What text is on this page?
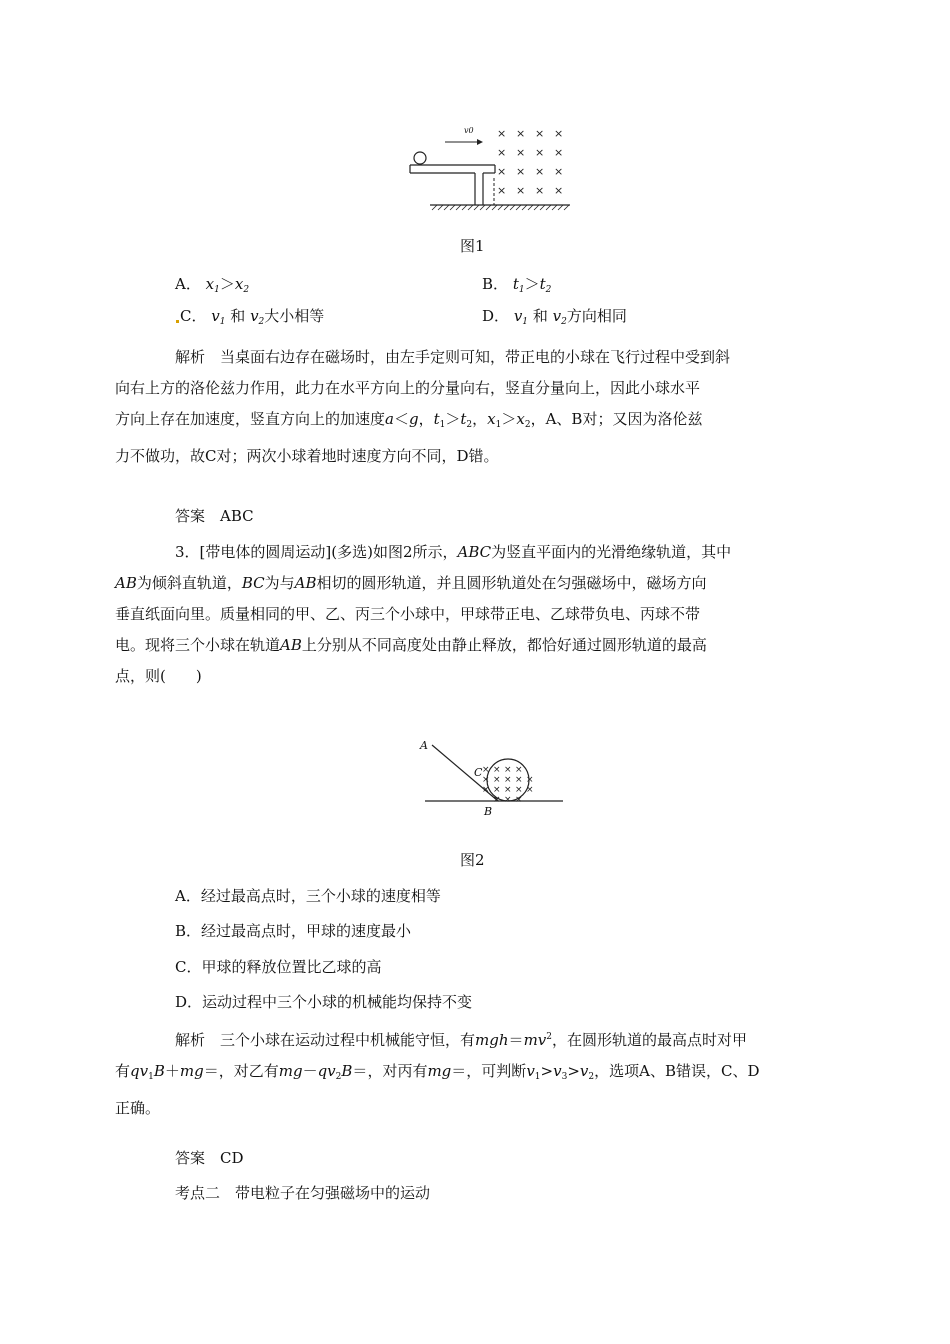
× × × ×
× × × ×
× × × ×
× × × ×
v0
图1
A． $x_1>x_2$	B． $t_1>t_2$
C． $v_1$ 和 $v_2$大小相等	D． $v_1$ 和 $v_2$方向相同
解析　 当桌面右边存在磁场时，由左手定则可知，带正电的小球在飞行过程中受到斜
向右上方的洛伦兹力作用，此力在水平方向上的分量向右，竖直分量向上，因此小球水平
方向上存在加速度，竖直方向上的加速度a＜g，$t_1>t_2$，$x_1>x_2$，A、B对；又因为洛伦兹
力不做功，故C对；两次小球着地时速度方向不同，D错。
答案　 ABC
3．[带电体的圆周运动](多选)如图2所示，ABC为竖直平面内的光滑绝缘轨道，其中
AB为倾斜直轨道，BC为与AB相切的圆形轨道，并且圆形轨道处在匀强磁场中，磁场方向
垂直纸面向里。质量相同的甲、乙、丙三个小球中，甲球带正电、乙球带负电、丙球不带
电。现将三个小球在轨道AB上分别从不同高度处由静止释放，都恰好通过圆形轨道的最高
点，则(　　)
× × × ×
× × × × ×
× × × × ×
× × ×
A
C
B
图2
A．经过最高点时，三个小球的速度相等
B．经过最高点时，甲球的速度最小
C．甲球的释放位置比乙球的高
D．运动过程中三个小球的机械能均保持不变
解析　 三个小球在运动过程中机械能守恒，有$mgh=mv^2$，在圆形轨道的最高点时对甲
有$qv_1B+mg=$，对乙有$mg-qv_2B=$，对丙有mg＝，可判断$v_1>v_3>v_2$，选项A、B错误，C、D
正确。
答案　 CD
考点二　 带电粒子在匀强磁场中的运动
